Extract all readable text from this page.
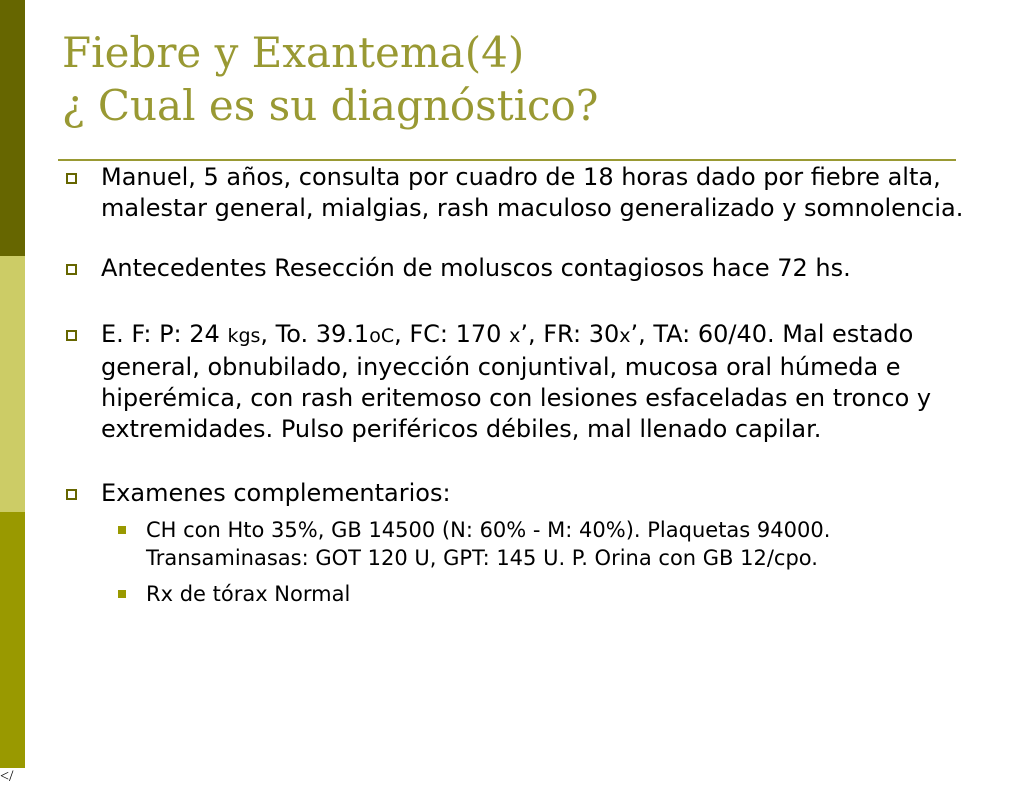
Fiebre y Exantema(4)
¿ Cual es su diagnóstico?
Manuel, 5 años, consulta por cuadro de 18 horas dado por fiebre alta, malestar general, mialgias, rash maculoso generalizado y somnolencia.
Antecedentes Resección de moluscos contagiosos hace 72 hs.
E. F: P: 24 kgs, To. 39.1oC, FC: 170 x’, FR: 30x’, TA: 60/40. Mal estado general, obnubilado, inyección conjuntival, mucosa oral húmeda e hiperémica, con rash eritemoso con lesiones esfaceladas en tronco y extremidades. Pulso periféricos débiles, mal llenado capilar.
Examenes complementarios:
CH con Hto 35%, GB 14500 (N: 60% - M: 40%). Plaquetas 94000. Transaminasas: GOT 120 U, GPT: 145 U. P. Orina con GB 12/cpo.
Rx de tórax Normal
</
